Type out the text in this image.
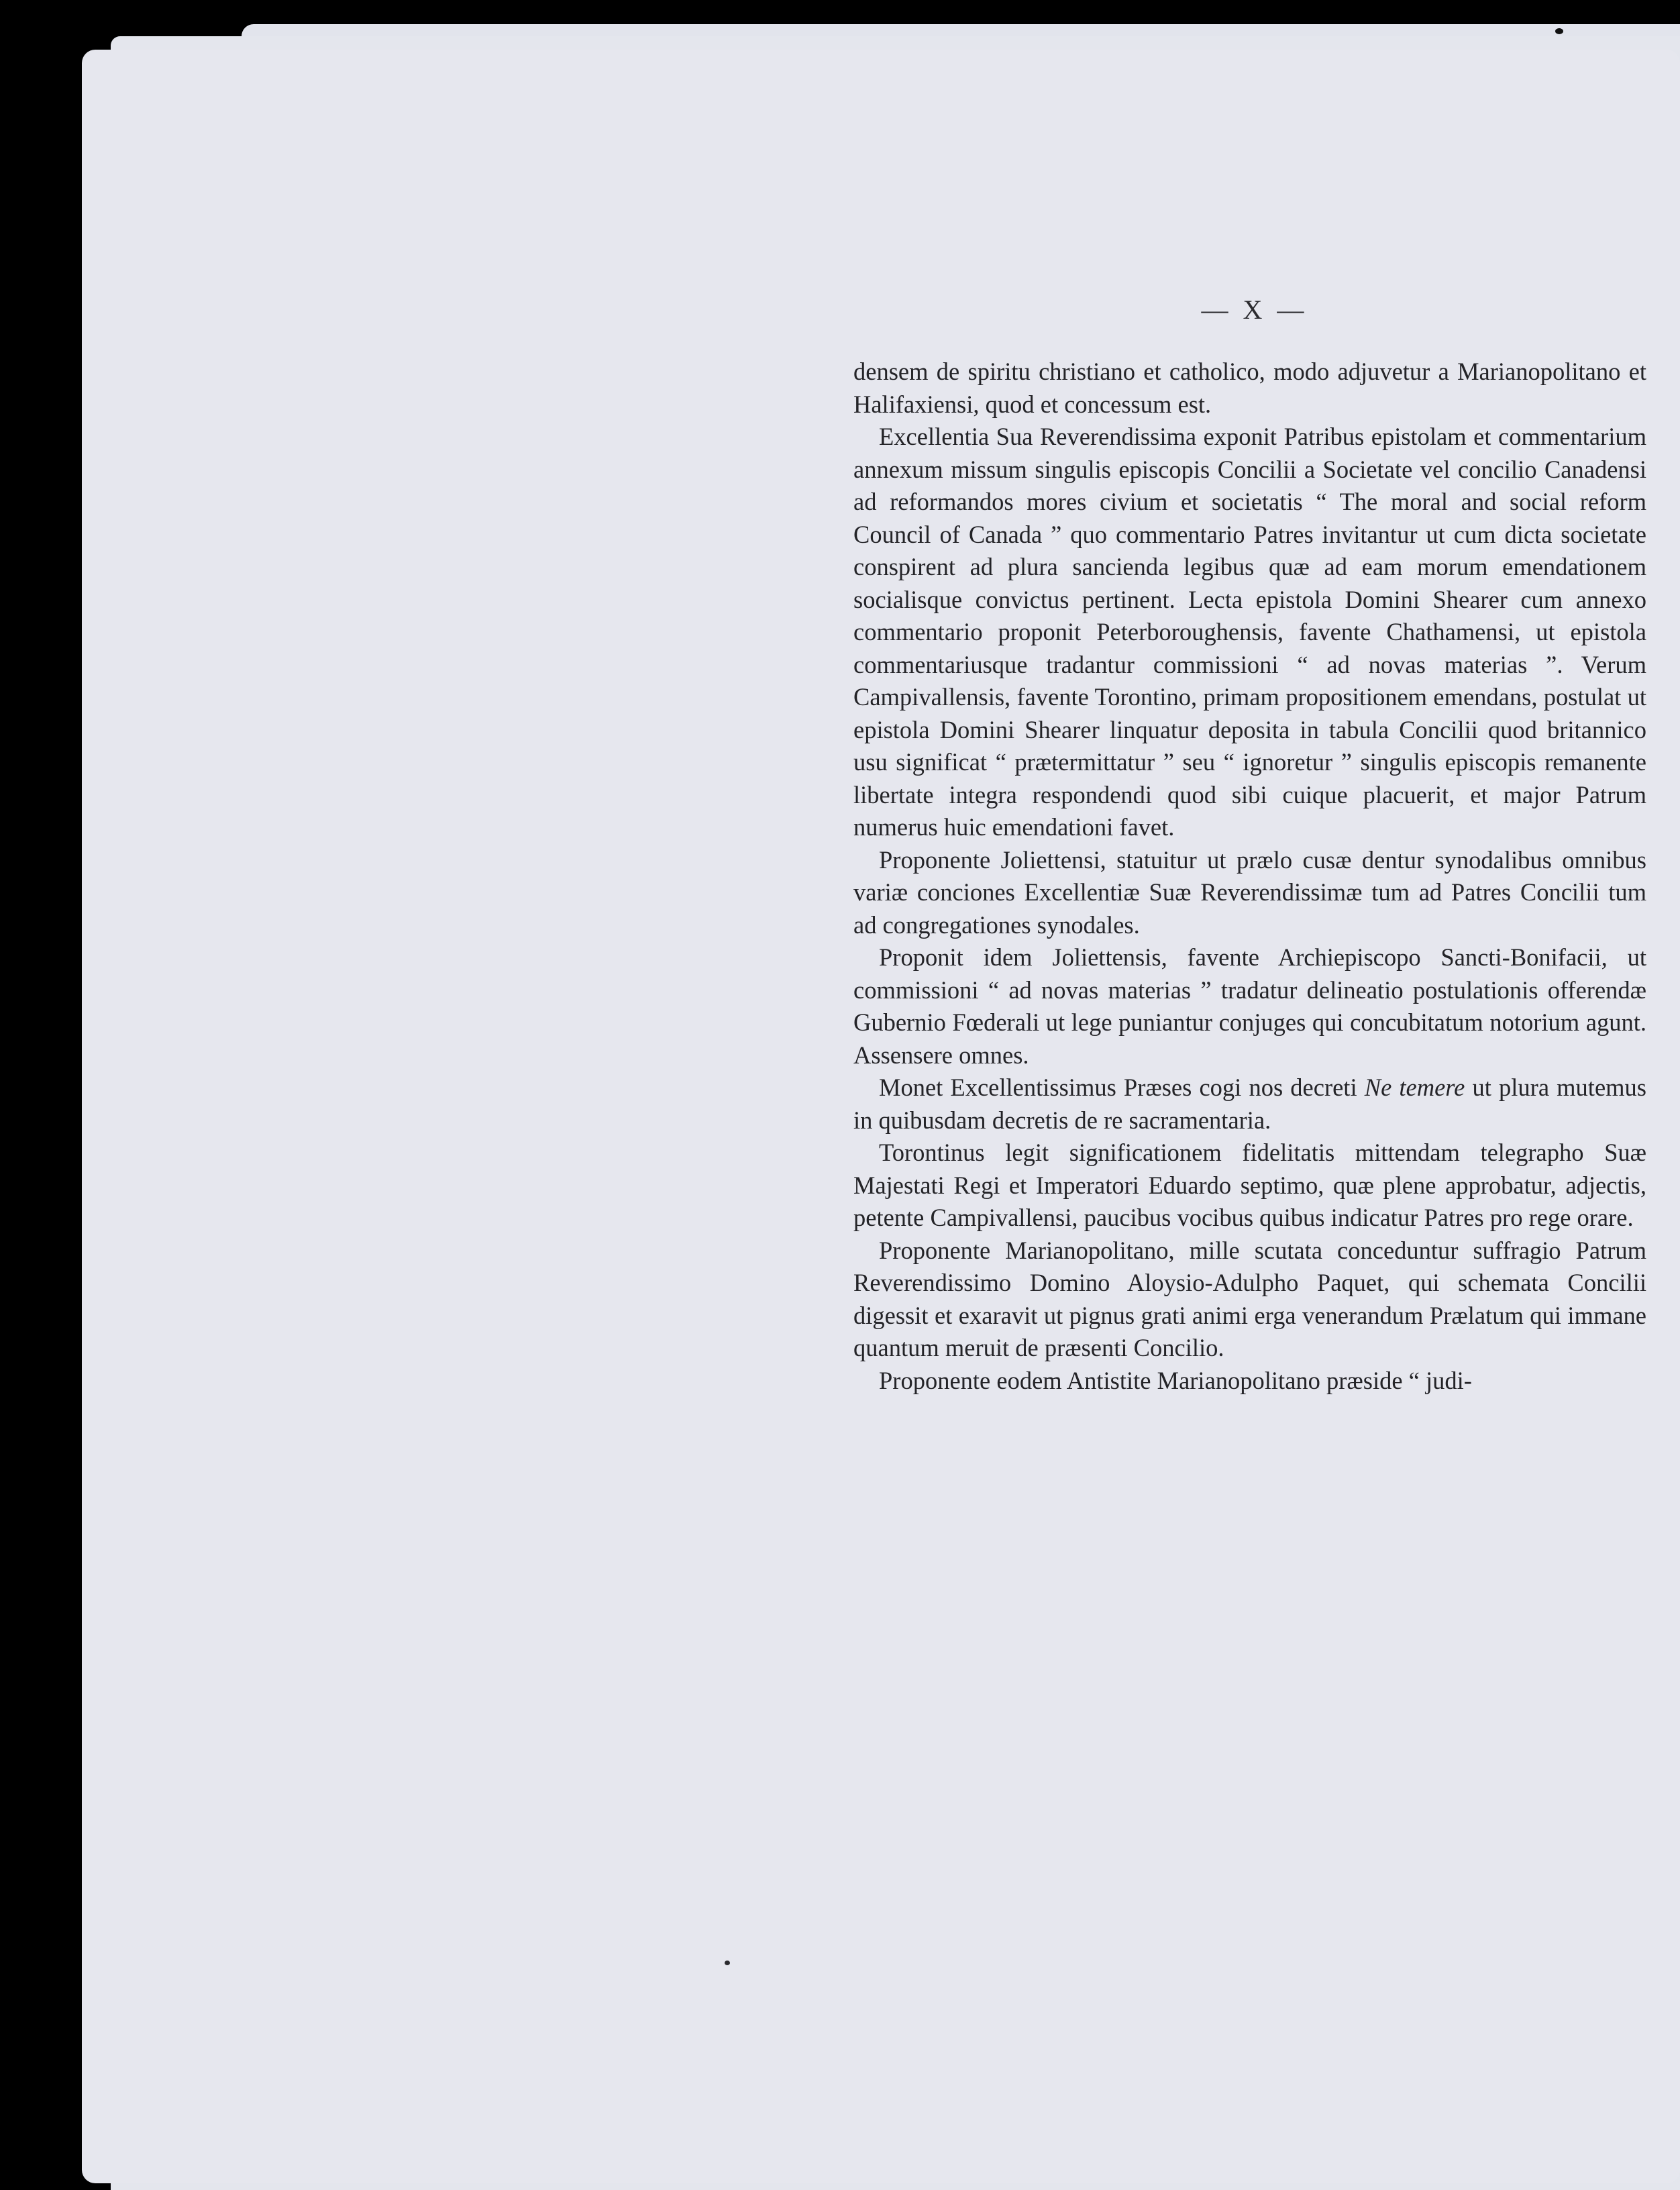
— X —

densem de spiritu christiano et catholico, modo adjuvetur a Marianopolitano et Halifaxiensi, quod et concessum est.

Excellentia Sua Reverendissima exponit Patribus epistolam et commentarium annexum missum singulis episcopis Concilii a Societate vel concilio Canadensi ad reformandos mores civium et societatis “ The moral and social reform Council of Canada ” quo commentario Patres invitantur ut cum dicta societate conspirent ad plura sancienda legibus quæ ad eam morum emendationem socialisque convictus pertinent. Lecta epistola Domini Shearer cum annexo commentario proponit Peterboroughensis, favente Chathamensi, ut epistola commentariusque tradantur commissioni “ ad novas materias ”. Verum Campivallensis, favente Torontino, primam propositionem emendans, postulat ut epistola Domini Shearer linquatur deposita in tabula Concilii quod britannico usu significat “ prætermittatur ” seu “ ignoretur ” singulis episcopis remanente libertate integra respondendi quod sibi cuique placuerit, et major Patrum numerus huic emendationi favet.

Proponente Joliettensi, statuitur ut prælo cusæ dentur synodalibus omnibus variæ conciones Excellentiæ Suæ Reverendissimæ tum ad Patres Concilii tum ad congregationes synodales.

Proponit idem Joliettensis, favente Archiepiscopo Sancti-Bonifacii, ut commissioni “ ad novas materias ” tradatur delineatio postulationis offerendæ Gubernio Fœderali ut lege puniantur conjuges qui concubitatum notorium agunt. Assensere omnes.

Monet Excellentissimus Præses cogi nos decreti Ne temere ut plura mutemus in quibusdam decretis de re sacramentaria.

Torontinus legit significationem fidelitatis mittendam telegrapho Suæ Majestati Regi et Imperatori Eduardo septimo, quæ plene approbatur, adjectis, petente Campivallensi, paucibus vocibus quibus indicatur Patres pro rege orare.

Proponente Marianopolitano, mille scutata conceduntur suffragio Patrum Reverendissimo Domino Aloysio-Adulpho Paquet, qui schemata Concilii digessit et exaravit ut pignus grati animi erga venerandum Prælatum qui immane quantum meruit de præsenti Concilio.

Proponente eodem Antistite Marianopolitano præside “ judi-
